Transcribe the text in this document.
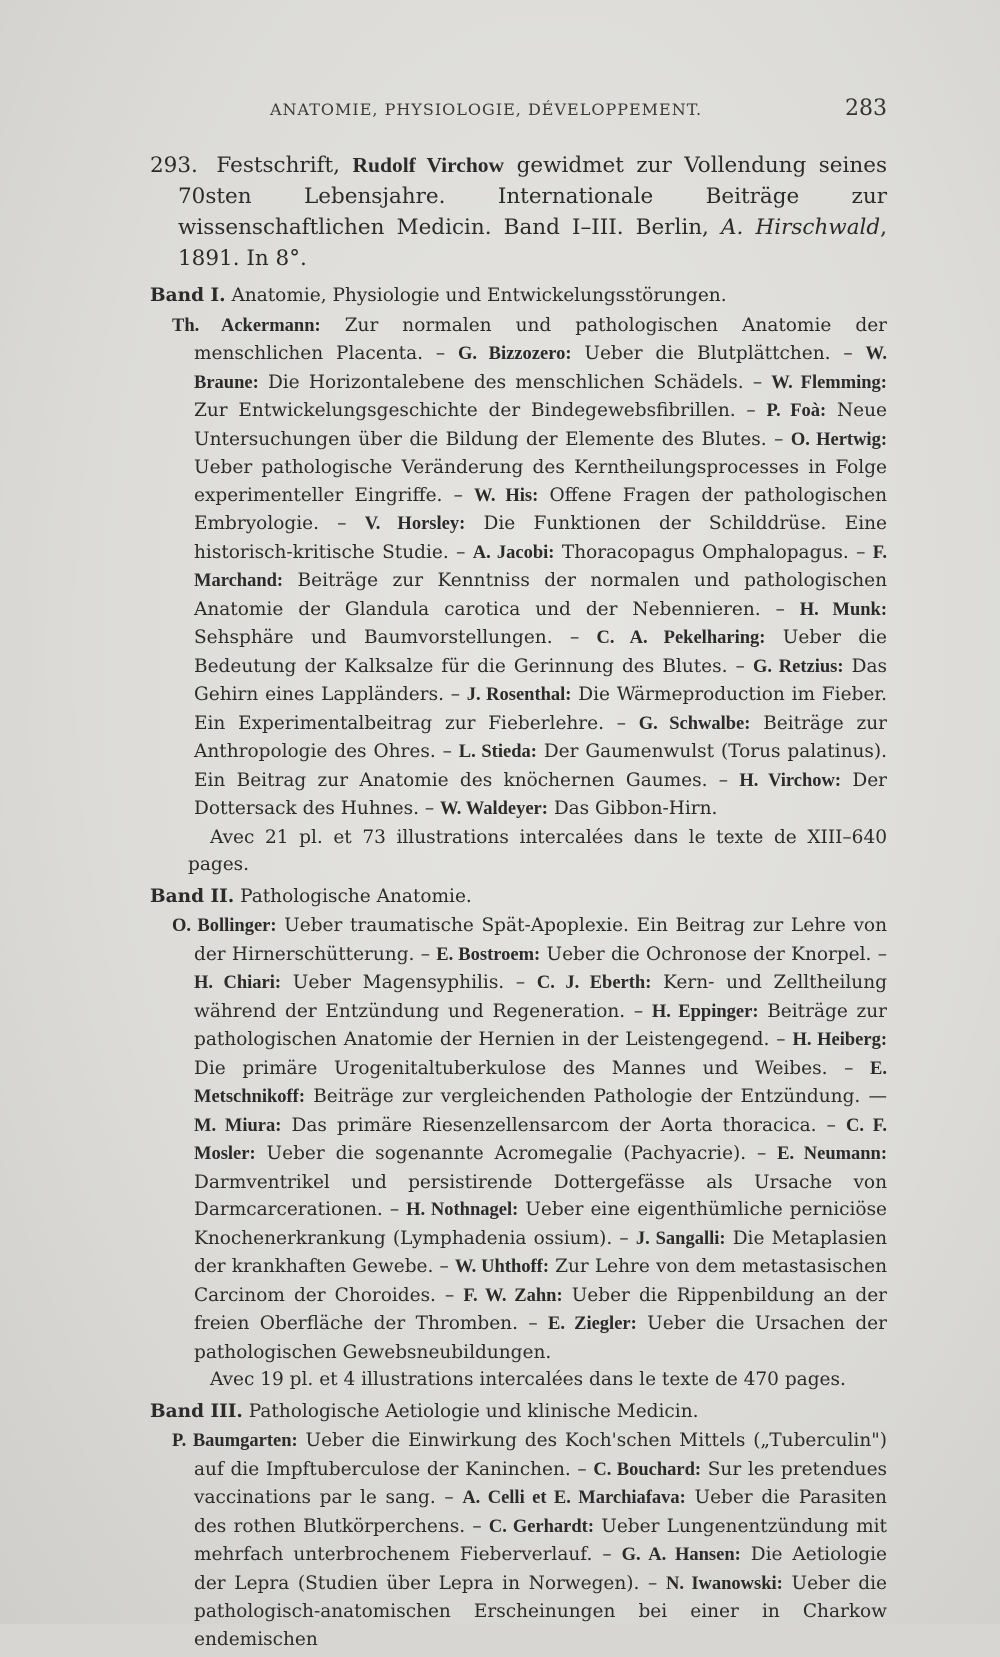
ANATOMIE, PHYSIOLOGIE, DÉVELOPPEMENT.	283
293. Festschrift, Rudolf Virchow gewidmet zur Vollendung seines 70sten Lebensjahre. Internationale Beiträge zur wissenschaftlichen Medicin. Band I–III. Berlin, A. Hirschwald, 1891. In 8°.
Band I. Anatomie, Physiologie und Entwickelungsstörungen.
Th. Ackermann: Zur normalen und pathologischen Anatomie der menschlichen Placenta. – G. Bizzozero: Ueber die Blutplättchen. – W. Braune: Die Horizontalebene des menschlichen Schädels. – W. Flemming: Zur Entwickelungsgeschichte der Bindegewebsfibrillen. – P. Foà: Neue Untersuchungen über die Bildung der Elemente des Blutes. – O. Hertwig: Ueber pathologische Veränderung des Kerntheilungsprocesses in Folge experimenteller Eingriffe. – W. His: Offene Fragen der pathologischen Embryologie. – V. Horsley: Die Funktionen der Schilddrüse. Eine historisch-kritische Studie. – A. Jacobi: Thoracopagus Omphalopagus. – F. Marchand: Beiträge zur Kenntniss der normalen und pathologischen Anatomie der Glandula carotica und der Nebennieren. – H. Munk: Sehsphäre und Baumvorstellungen. – C. A. Pekelharing: Ueber die Bedeutung der Kalksalze für die Gerinnung des Blutes. – G. Retzius: Das Gehirn eines Lappländers. – J. Rosenthal: Die Wärmeproduction im Fieber. Ein Experimentalbeitrag zur Fieberlehre. – G. Schwalbe: Beiträge zur Anthropologie des Ohres. – L. Stieda: Der Gaumenwulst (Torus palatinus). Ein Beitrag zur Anatomie des knöchernen Gaumes. – H. Virchow: Der Dottersack des Huhnes. – W. Waldeyer: Das Gibbon-Hirn.
Avec 21 pl. et 73 illustrations intercalées dans le texte de XIII–640 pages.
Band II. Pathologische Anatomie.
O. Bollinger: Ueber traumatische Spät-Apoplexie. Ein Beitrag zur Lehre von der Hirnerschütterung. – E. Bostroem: Ueber die Ochronose der Knorpel. – H. Chiari: Ueber Magensyphilis. – C. J. Eberth: Kern- und Zelltheilung während der Entzündung und Regeneration. – H. Eppinger: Beiträge zur pathologischen Anatomie der Hernien in der Leistengegend. – H. Heiberg: Die primäre Urogenitaltuberkulose des Mannes und Weibes. – E. Metschnikoff: Beiträge zur vergleichenden Pathologie der Entzündung. — M. Miura: Das primäre Riesenzellensarcom der Aorta thoracica. – C. F. Mosler: Ueber die sogenannte Acromegalie (Pachyacrie). – E. Neumann: Darmventrikel und persistirende Dottergefässe als Ursache von Darmcarcerationen. – H. Nothnagel: Ueber eine eigenthümliche perniciöse Knochenerkrankung (Lymphadenia ossium). – J. Sangalli: Die Metaplasien der krankhaften Gewebe. – W. Uhthoff: Zur Lehre von dem metastasischen Carcinom der Choroides. – F. W. Zahn: Ueber die Rippenbildung an der freien Oberfläche der Thromben. – E. Ziegler: Ueber die Ursachen der pathologischen Gewebsneubildungen.
Avec 19 pl. et 4 illustrations intercalées dans le texte de 470 pages.
Band III. Pathologische Aetiologie und klinische Medicin.
P. Baumgarten: Ueber die Einwirkung des Koch'schen Mittels („Tuberculin") auf die Impftuberculose der Kaninchen. – C. Bouchard: Sur les pretendues vaccinations par le sang. – A. Celli et E. Marchiafava: Ueber die Parasiten des rothen Blutkörperchens. – C. Gerhardt: Ueber Lungenentzündung mit mehrfach unterbrochenem Fieberverlauf. – G. A. Hansen: Die Aetiologie der Lepra (Studien über Lepra in Norwegen). – N. Iwanowski: Ueber die pathologisch-anatomischen Erscheinungen bei einer in Charkow endemischen
